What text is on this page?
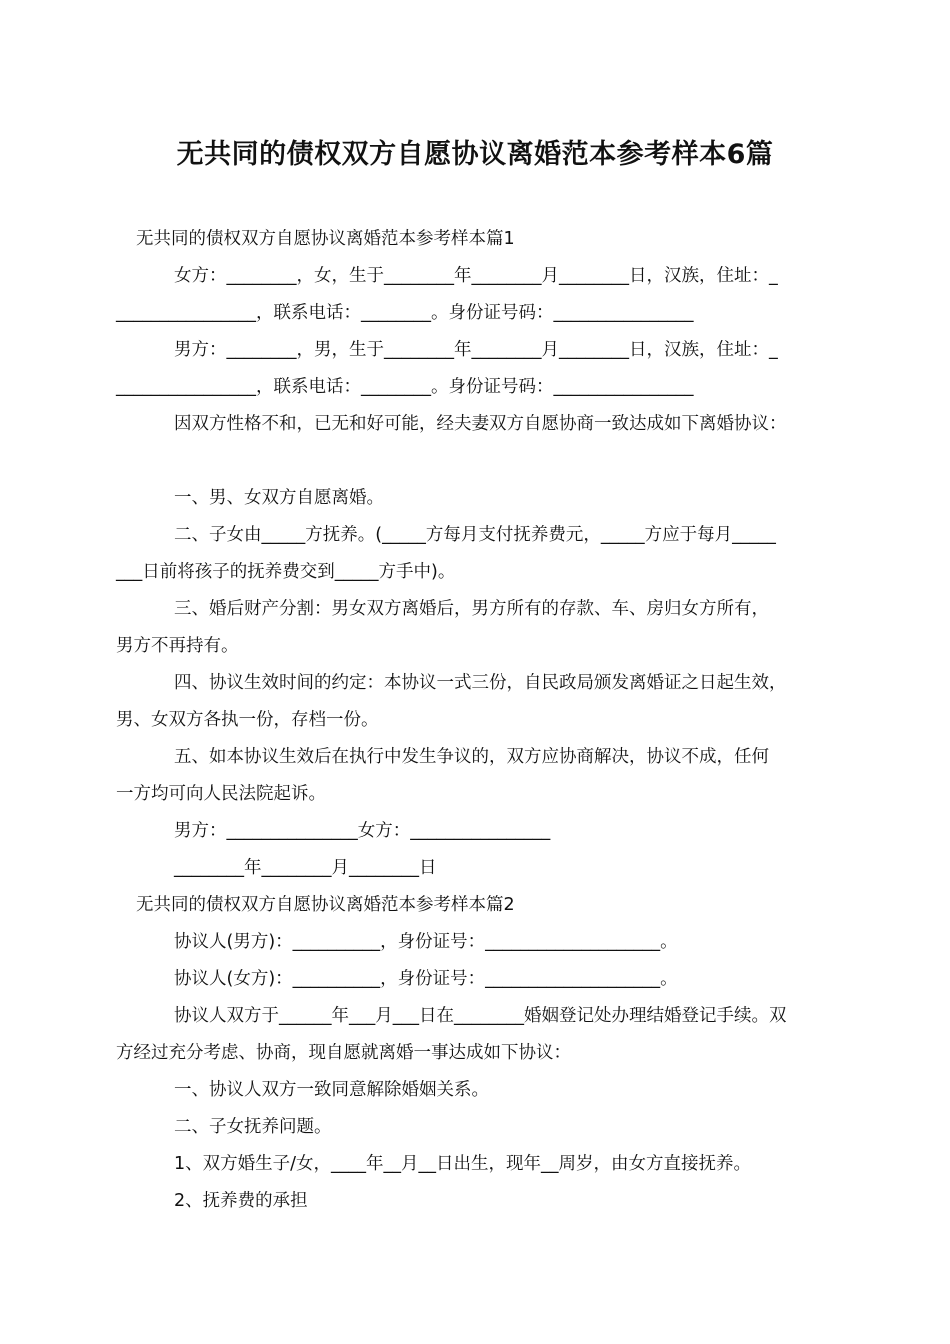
无共同的债权双方自愿协议离婚范本参考样本6篇
无共同的债权双方自愿协议离婚范本参考样本篇1
女方：________，女，生于________年________月________日，汉族，住址：_
________________，联系电话：________。身份证号码：________________
男方：________，男，生于________年________月________日，汉族，住址：_
________________，联系电话：________。身份证号码：________________
因双方性格不和，已无和好可能，经夫妻双方自愿协商一致达成如下离婚协议：
一、男、女双方自愿离婚。
二、子女由_____方抚养。(_____方每月支付抚养费元，_____方应于每月_____
___日前将孩子的抚养费交到_____方手中)。
三、婚后财产分割：男女双方离婚后，男方所有的存款、车、房归女方所有，
男方不再持有。
四、协议生效时间的约定：本协议一式三份，自民政局颁发离婚证之日起生效，
男、女双方各执一份，存档一份。
五、如本协议生效后在执行中发生争议的，双方应协商解决，协议不成，任何
一方均可向人民法院起诉。
男方：_______________女方：________________
________年________月________日
无共同的债权双方自愿协议离婚范本参考样本篇2
协议人(男方)：__________，身份证号：____________________。
协议人(女方)：__________，身份证号：____________________。
协议人双方于______年___月___日在________婚姻登记处办理结婚登记手续。双
方经过充分考虑、协商，现自愿就离婚一事达成如下协议：
一、协议人双方一致同意解除婚姻关系。
二、子女抚养问题。
1、双方婚生子/女，____年__月__日出生，现年__周岁，由女方直接抚养。
2、抚养费的承担
